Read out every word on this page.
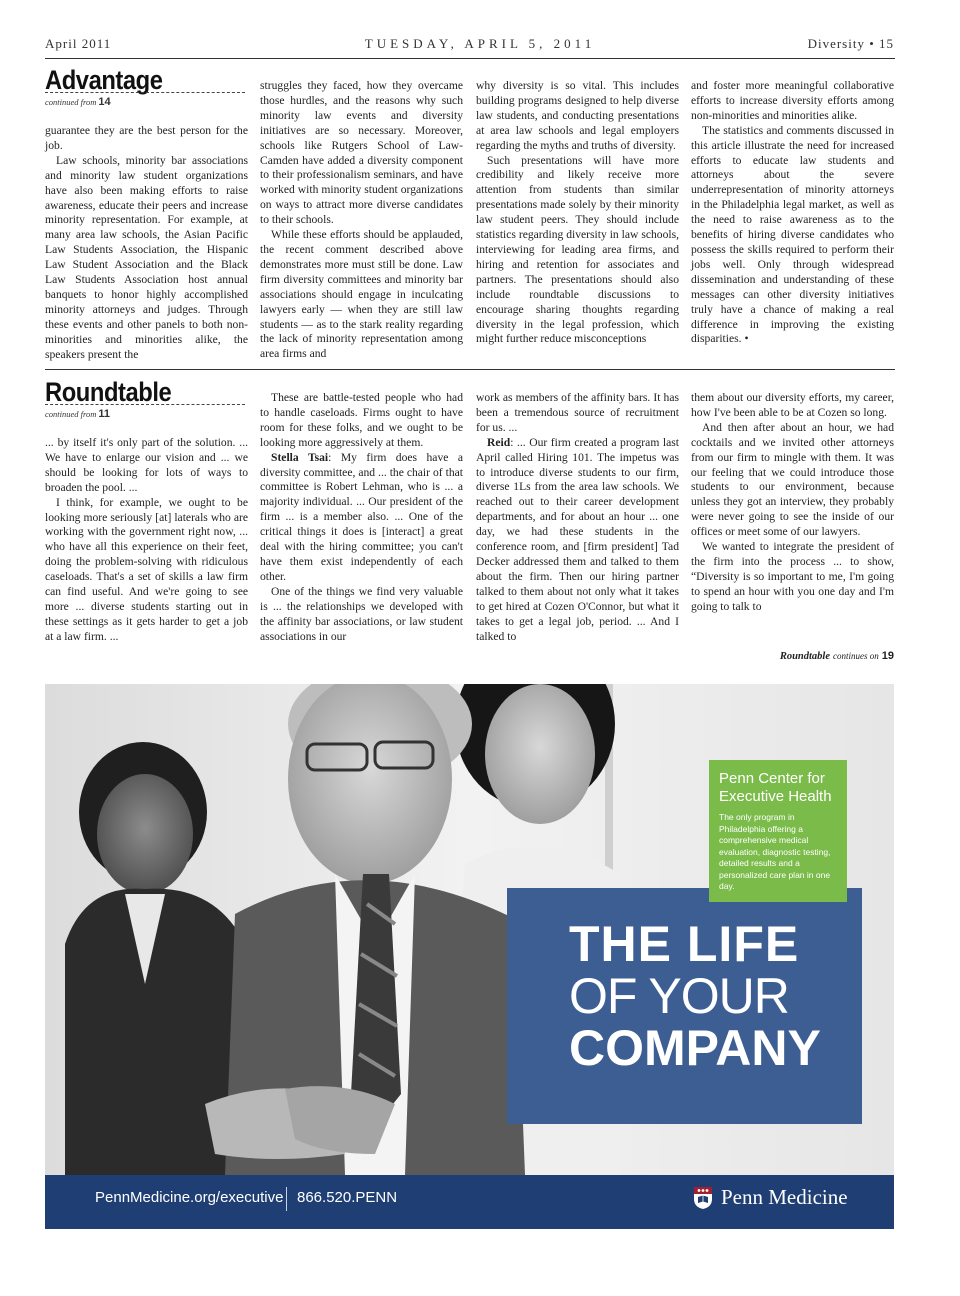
April 2011	TUESDAY, APRIL 5, 2011	Diversity • 15
Advantage
continued from 14

guarantee they are the best person for the job.

Law schools, minority bar associations and minority law student organizations have also been making efforts to raise awareness, educate their peers and increase minority representation. For example, at many area law schools, the Asian Pacific Law Students Association, the Hispanic Law Student Association and the Black Law Students Association host annual banquets to honor highly accomplished minority attorneys and judges. Through these events and other panels to both non-minorities and minorities alike, the speakers present the

struggles they faced, how they overcame those hurdles, and the reasons why such minority law events and diversity initiatives are so necessary. Moreover, schools like Rutgers School of Law-Camden have added a diversity component to their professionalism seminars, and have worked with minority student organizations on ways to attract more diverse candidates to their schools.

While these efforts should be applauded, the recent comment described above demonstrates more must still be done. Law firm diversity committees and minority bar associations should engage in inculcating lawyers early — when they are still law students — as to the stark reality regarding the lack of minority representation among area firms and

why diversity is so vital. This includes building programs designed to help diverse law students, and conducting presentations at area law schools and legal employers regarding the myths and truths of diversity.

Such presentations will have more credibility and likely receive more attention from students than similar presentations made solely by their minority law student peers. They should include statistics regarding diversity in law schools, interviewing for leading area firms, and hiring and retention for associates and partners. The presentations should also include roundtable discussions to encourage sharing thoughts regarding diversity in the legal profession, which might further reduce misconceptions

and foster more meaningful collaborative efforts to increase diversity efforts among non-minorities and minorities alike.

The statistics and comments discussed in this article illustrate the need for increased efforts to educate law students and attorneys about the severe underrepresentation of minority attorneys in the Philadelphia legal market, as well as the need to raise awareness as to the benefits of hiring diverse candidates who possess the skills required to perform their jobs well. Only through widespread dissemination and understanding of these messages can other diversity initiatives truly have a chance of making a real difference in improving the existing disparities. •

Roundtable
continued from 11

... by itself it's only part of the solution. ... We have to enlarge our vision and ... we should be looking for lots of ways to broaden the pool. ...

I think, for example, we ought to be looking more seriously [at] laterals who are working with the government right now, ... who have all this experience on their feet, doing the problem-solving with ridiculous caseloads. That's a set of skills a law firm can find useful. And we're going to see more ... diverse students starting out in these settings as it gets harder to get a job at a law firm. ...

These are battle-tested people who had to handle caseloads. Firms ought to have room for these folks, and we ought to be looking more aggressively at them.

Stella Tsai: My firm does have a diversity committee, and ... the chair of that committee is Robert Lehman, who is ... a majority individual. ... Our president of the firm ... is a member also. ... One of the critical things it does is [interact] a great deal with the hiring committee; you can't have them exist independently of each other.

One of the things we find very valuable is ... the relationships we developed with the affinity bar associations, or law student associations in our

work as members of the affinity bars. It has been a tremendous source of recruitment for us. ...

Reid: ... Our firm created a program last April called Hiring 101. The impetus was to introduce diverse students to our firm, diverse 1Ls from the area law schools. We reached out to their career development departments, and for about an hour ... one day, we had these students in the conference room, and [firm president] Tad Decker addressed them and talked to them about the firm. Then our hiring partner talked to them about not only what it takes to get hired at Cozen O'Connor, but what it takes to get a legal job, period. ... And I talked to

them about our diversity efforts, my career, how I've been able to be at Cozen so long.

And then after about an hour, we had cocktails and we invited other attorneys from our firm to mingle with them. It was our feeling that we could introduce those students to our environment, because unless they got an interview, they probably were never going to see the inside of our offices or meet some of our lawyers.

We wanted to integrate the president of the firm into the process ... to show, “Diversity is so important to me, I'm going to spend an hour with you one day and I'm going to talk to

Roundtable continues on 19
THE LIFE
OF YOUR
COMPANY
Penn Center for Executive Health
The only program in Philadelphia offering a comprehensive medical evaluation, diagnostic testing, detailed results and a personalized care plan in one day.
PennMedicine.org/executive 866.520.PENN	Penn Medicine
